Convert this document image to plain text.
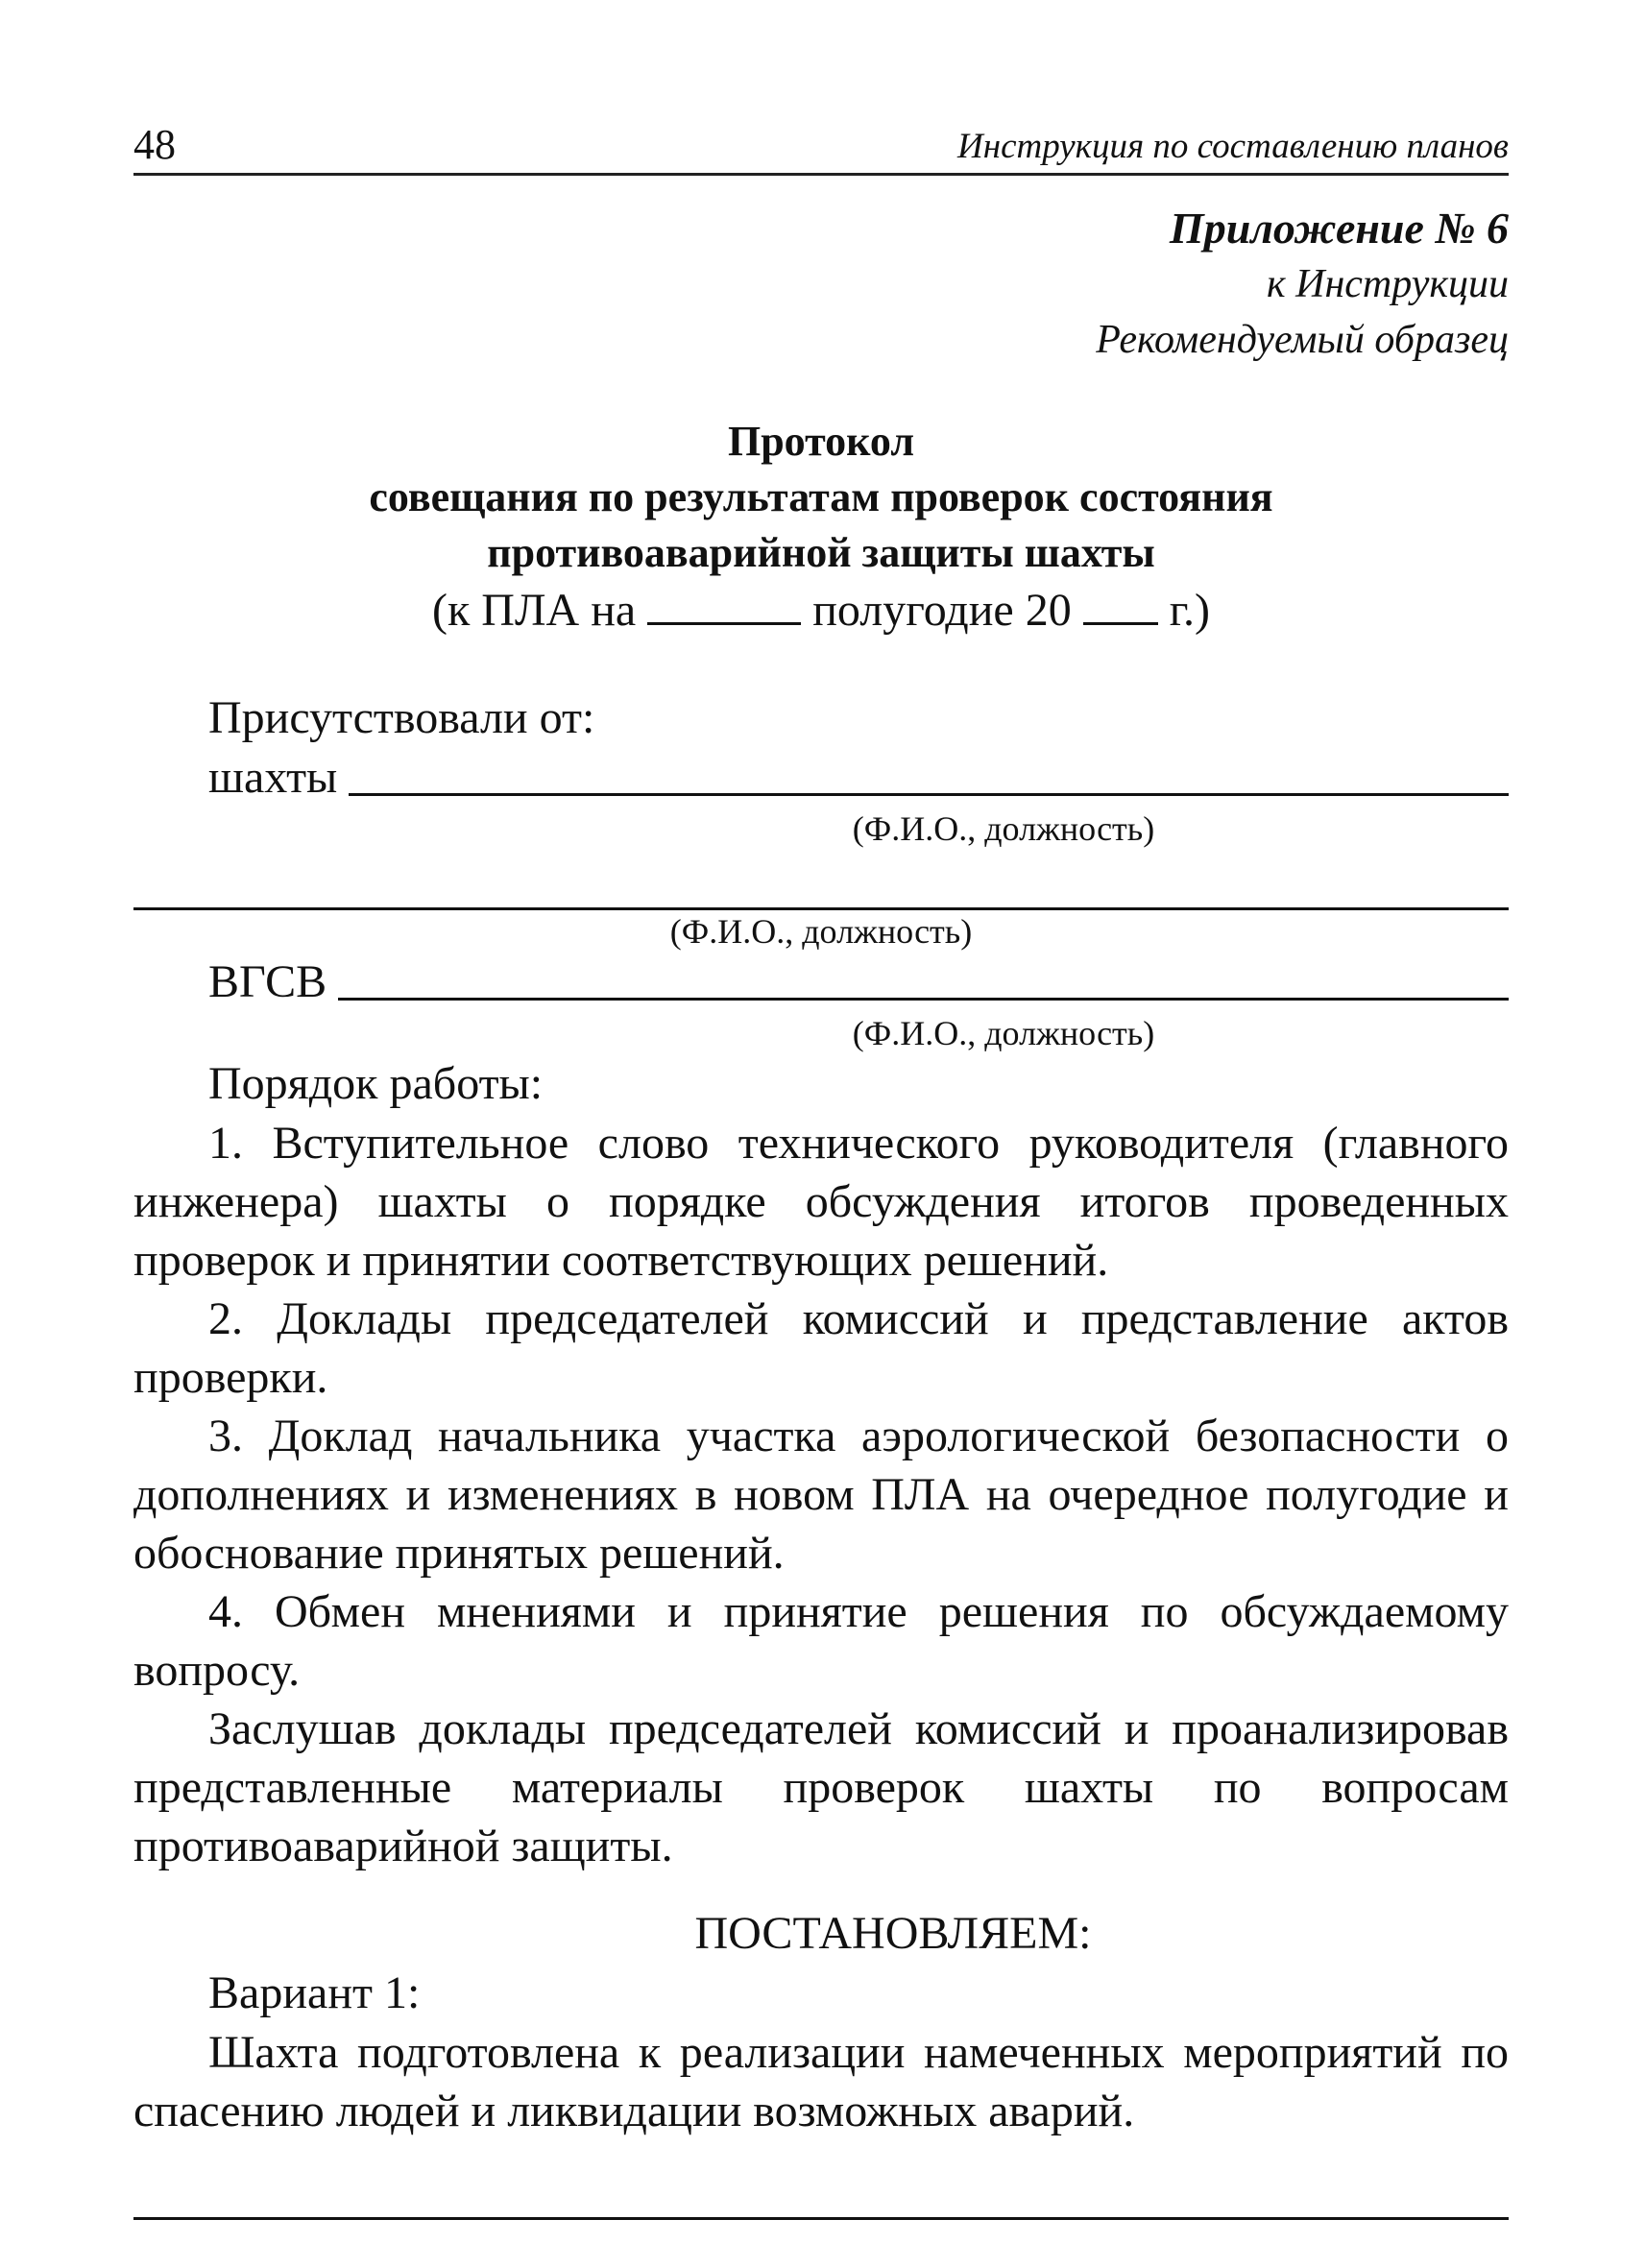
48	Инструкция по составлению планов
Приложение № 6
к Инструкции
Рекомендуемый образец
Протокол
совещания по результатам проверок состояния
противоаварийной защиты шахты
(к ПЛА на	полугодие 20 г.)
Присутствовали от:
шахты
(Ф.И.О., должность)
(Ф.И.О., должность)
ВГСВ
(Ф.И.О., должность)
Порядок работы:
1. Вступительное слово технического руководителя (главного инженера) шахты о порядке обсуждения итогов проведенных проверок и принятии соответствующих решений.
2. Доклады председателей комиссий и представление актов проверки.
3. Доклад начальника участка аэрологической безопасности о дополнениях и изменениях в новом ПЛА на очередное полугодие и обоснование принятых решений.
4. Обмен мнениями и принятие решения по обсуждаемому вопросу.
Заслушав доклады председателей комиссий и проанализировав представленные материалы проверок шахты по вопросам противоаварийной защиты.
ПОСТАНОВЛЯЕМ:
Вариант 1:
Шахта подготовлена к реализации намеченных мероприятий по спасению людей и ликвидации возможных аварий.
